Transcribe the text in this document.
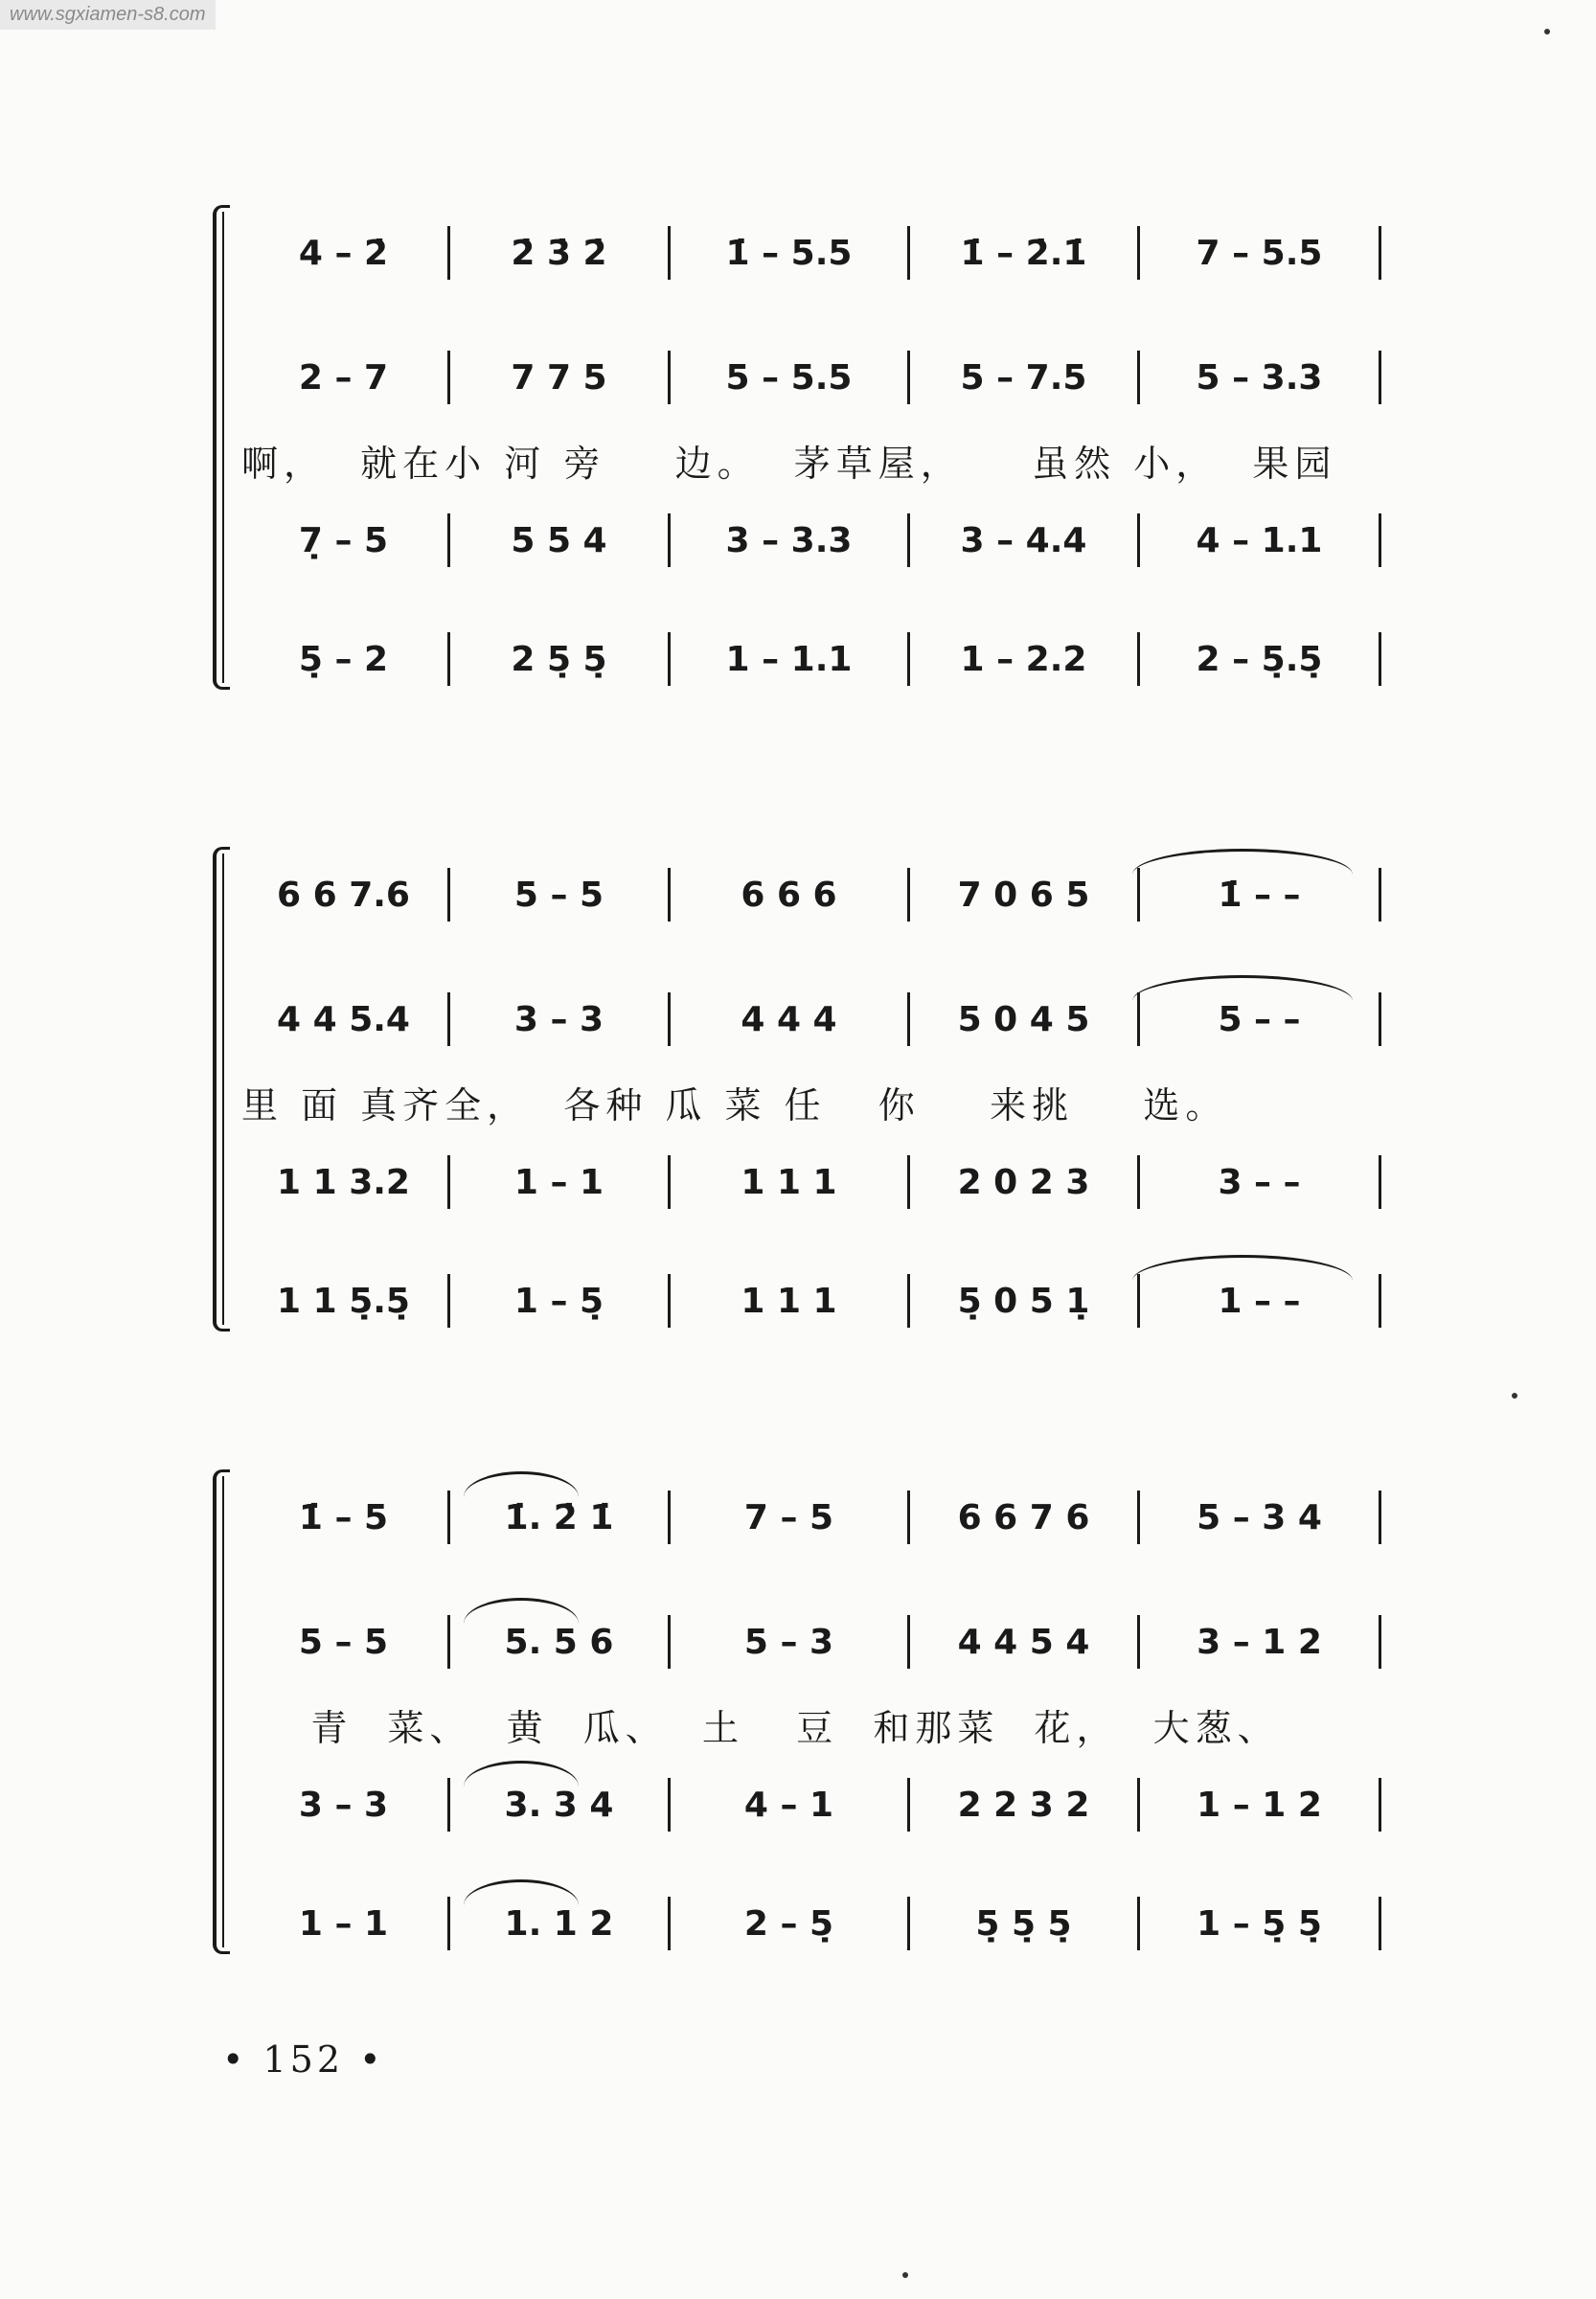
www.sgxiamen-s8.com
4 – 2̇	2̇ 3̇ 2̇	1̇ – 5.5	1̇ – 2̇.1̇	7 – 5.5
2 – 7	7 7 5	5 – 5.5	5 – 7.5	5 – 3.3
啊，  就在小 河 旁    边。  茅草屋，    虽然 小，  果园
7̣ – 5	5 5 4	3 – 3.3	3 – 4.4	4 – 1.1
5̣ – 2	2 5̣ 5̣	1 – 1.1	1 – 2.2	2 – 5̣.5̣
6 6 7.6	5 – 5	6 6 6	7 0 6 5	1̇ – –
4 4 5.4	3 – 3	4 4 4	5 0 4 5	5 – –
里 面 真齐全，  各种 瓜 菜 任   你    来挑    选。
1 1 3.2	1 – 1	1 1 1	2 0 2 3	3 – –
1 1 5̣.5̣	1 – 5̣	1 1 1	5̣ 0 5 1̣	1 – –
1̇ – 5	1̇. 2̇ 1̇	7 – 5	6 6 7 6	5 – 3 4
5 – 5	5. 5 6	5 – 3	4 4 5 4	3 – 1 2
青  菜、  黄  瓜、  土   豆  和那菜  花，  大葱、
3 – 3	3. 3 4	4 – 1	2 2 3 2	1 – 1 2
1 – 1	1. 1 2	2 – 5̣	5̣ 5̣ 5̣	1 – 5̣ 5̣
• 152 •
